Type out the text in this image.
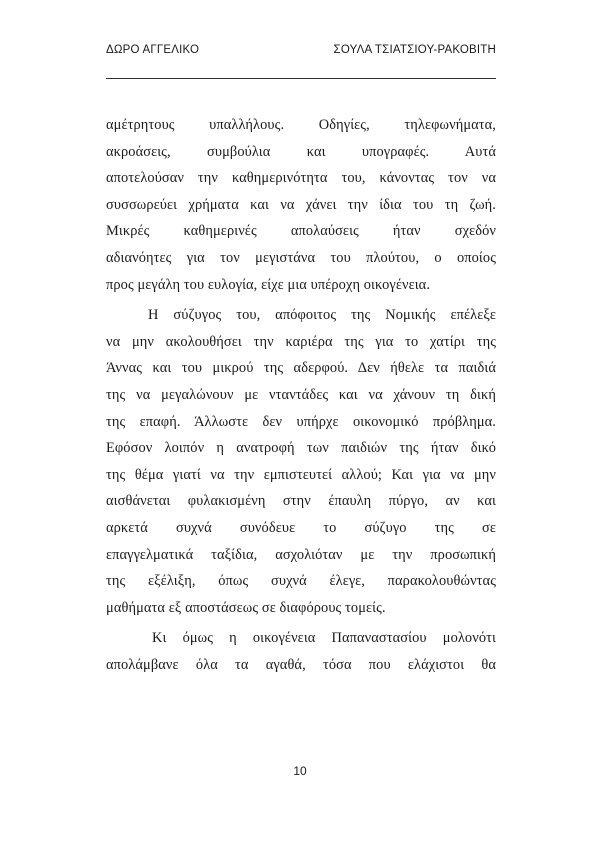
ΔΩΡΟ ΑΓΓΕΛΙΚΟ	ΣΟΥΛΑ ΤΣΙΑΤΣΙΟΥ-ΡΑΚΟΒΙΤΗ
αμέτρητους υπαλλήλους. Οδηγίες, τηλεφωνήματα,
ακροάσεις, συμβούλια και υπογραφές. Αυτά
αποτελούσαν την καθημερινότητα του, κάνοντας τον να
συσσωρεύει χρήματα και να χάνει την ίδια του τη ζωή.
Μικρές καθημερινές απολαύσεις ήταν σχεδόν
αδιανόητες για τον μεγιστάνα του πλούτου, ο οποίος
προς μεγάλη του ευλογία, είχε μια υπέροχη οικογένεια.
Η σύζυγος του, απόφοιτος της Νομικής επέλεξε
να μην ακολουθήσει την καριέρα της για το χατίρι της
Άννας και του μικρού της αδερφού. Δεν ήθελε τα παιδιά
της να μεγαλώνουν με νταντάδες και να χάνουν τη δική
της επαφή. Άλλωστε δεν υπήρχε οικονομικό πρόβλημα.
Εφόσον λοιπόν η ανατροφή των παιδιών της ήταν δικό
της θέμα γιατί να την εμπιστευτεί αλλού; Και για να μην
αισθάνεται φυλακισμένη στην έπαυλη πύργο, αν και
αρκετά συχνά συνόδευε το σύζυγο της σε
επαγγελματικά ταξίδια, ασχολιόταν με την προσωπική
της εξέλιξη, όπως συχνά έλεγε, παρακολουθώντας
μαθήματα εξ αποστάσεως σε διαφόρους τομείς.
Κι όμως η οικογένεια Παπαναστασίου μολονότι
απολάμβανε όλα τα αγαθά, τόσα που ελάχιστοι θα
10
